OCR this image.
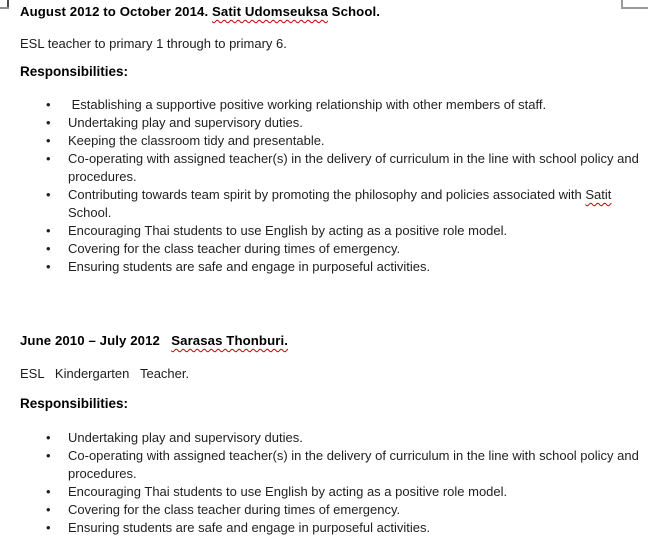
August 2012 to October 2014. Satit Udomseuksa School.
ESL teacher to primary 1 through to primary 6.
Responsibilities:
•  Establishing a supportive positive working relationship with other members of staff.
• Undertaking play and supervisory duties.
• Keeping the classroom tidy and presentable.
• Co-operating with assigned teacher(s) in the delivery of curriculum in the line with school policy and procedures.
• Contributing towards team spirit by promoting the philosophy and policies associated with Satit School.
• Encouraging Thai students to use English by acting as a positive role model.
• Covering for the class teacher during times of emergency.
• Ensuring students are safe and engage in purposeful activities.
June 2010 – July 2012   Sarasas Thonburi.
ESL   Kindergarten   Teacher.
Responsibilities:
• Undertaking play and supervisory duties.
• Co-operating with assigned teacher(s) in the delivery of curriculum in the line with school policy and procedures.
• Encouraging Thai students to use English by acting as a positive role model.
• Covering for the class teacher during times of emergency.
• Ensuring students are safe and engage in purposeful activities.
